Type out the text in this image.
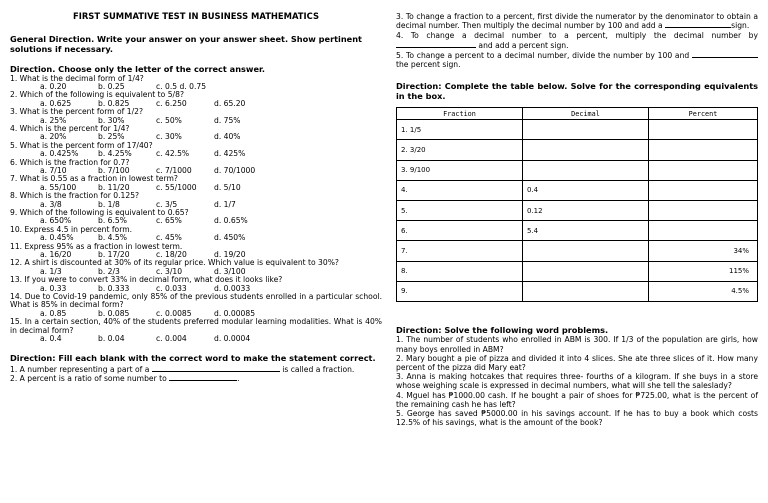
FIRST SUMMATIVE TEST IN BUSINESS MATHEMATICS
General Direction. Write your answer on your answer sheet. Show pertinent solutions if necessary.
Direction. Choose only the letter of the correct answer.
1. What is the decimal form of 1/4?
a. 0.20	b. 0.25	c. 0.5 d. 0.75
2. Which of the following is equivalent to 5/8?
a. 0.625	b. 0.825	c. 6.250	d. 65.20
3. What is the percent form of 1/2?
a. 25%	b. 30%	c. 50%	d. 75%
4. Which is the percent for 1/4?
a. 20%	b. 25%	c. 30%	d. 40%
5. What is the percent form of 17/40?
a. 0.425%	b. 4.25%	c. 42.5%	d. 425%
6. Which is the fraction for 0.7?
a. 7/10	b. 7/100	c. 7/1000	d. 70/1000
7. What is 0.55 as a fraction in lowest term?
a. 55/100	b. 11/20	c. 55/1000	d. 5/10
8. Which is the fraction for 0.125?
a. 3/8	b. 1/8	c. 3/5	d. 1/7
9. Which of the following is equivalent to 0.65?
a. 650%	b. 6.5%	c. 65%	d. 0.65%
10. Express 4.5 in percent form.
a. 0.45%	b. 4.5%	c. 45%	d. 450%
11. Express 95% as a fraction in lowest term.
a. 16/20	b. 17/20	c. 18/20	d. 19/20
12. A shirt is discounted at 30% of its regular price. Which value is equivalent to 30%?
a. 1/3	b. 2/3	c. 3/10	d. 3/100
13. If you were to convert 33% in decimal form, what does it looks like?
a. 0.33	b. 0.333	c. 0.033	d. 0.0033
14. Due to Covid-19 pandemic, only 85% of the previous students enrolled in a particular school. What is 85% in decimal form?
a. 0.85	b. 0.085	c. 0.0085	d. 0.00085
15. In a certain section, 40% of the students preferred modular learning modalities. What is 40% in decimal form?
a. 0.4	b. 0.04	c. 0.004	d. 0.0004
Direction: Fill each blank with the correct word to make the statement correct.
1. A number representing a part of a	is called a fraction.
2. A percent is a ratio of some number to	.
3. To change a fraction to a percent, first divide the numerator by the denominator to obtain a decimal number. Then multiply the decimal number by 100 and add a	sign.
4. To change a decimal number to a percent, multiply the decimal number by  and add a percent sign.
5. To change a percent to a decimal number, divide the number by 100 and  the percent sign.
Direction: Complete the table below. Solve for the corresponding equivalents in the box.
Fraction	Decimal	Percent
1. 1/5		
2. 3/20		
3. 9/100		
4.	0.4	
5.	0.12	
6.	5.4	
7.		34%
8.		115%
9.		4.5%
Direction: Solve the following word problems.
1. The number of students who enrolled in ABM is 300. If 1/3 of the population are girls, how many boys enrolled in ABM?
2. Mary bought a pie of pizza and divided it into 4 slices. She ate three slices of it. How many percent of the pizza did Mary eat?
3. Anna is making hotcakes that requires three- fourths of a kilogram. If she buys in a store whose weighing scale is expressed in decimal numbers, what will she tell the saleslady?
4. Mguel has ₱1000.00 cash. If he bought a pair of shoes for ₱725.00, what is the percent of the remaining cash he has left?
5. George has saved ₱5000.00 in his savings account. If he has to buy a book which costs 12.5% of his savings, what is the amount of the book?
